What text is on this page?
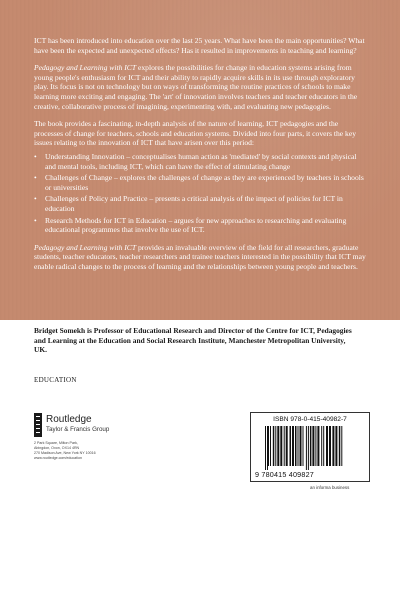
ICT has been introduced into education over the last 25 years. What have been the main opportunities? What have been the expected and unexpected effects? Has it resulted in improvements in teaching and learning?

Pedagogy and Learning with ICT explores the possibilities for change in education systems arising from young people's enthusiasm for ICT and their ability to rapidly acquire skills in its use through exploratory play. Its focus is not on technology but on ways of transforming the routine practices of schools to make learning more exciting and engaging. The 'art' of innovation involves teachers and teacher educators in the creative, collaborative process of imagining, experimenting with, and evaluating new pedagogies.

The book provides a fascinating, in-depth analysis of the nature of learning, ICT pedagogies and the processes of change for teachers, schools and education systems. Divided into four parts, it covers the key issues relating to the innovation of ICT that have arisen over this period:

• Understanding Innovation – conceptualises human action as 'mediated' by social contexts and physical and mental tools, including ICT, which can have the effect of stimulating change
• Challenges of Change – explores the challenges of change as they are experienced by teachers in schools or universities
• Challenges of Policy and Practice – presents a critical analysis of the impact of policies for ICT in education
• Research Methods for ICT in Education – argues for new approaches to researching and evaluating educational programmes that involve the use of ICT.

Pedagogy and Learning with ICT provides an invaluable overview of the field for all researchers, graduate students, teacher educators, teacher researchers and trainee teachers interested in the possibility that ICT may enable radical changes to the process of learning and the relationships between young people and teachers.

Bridget Somekh is Professor of Educational Research and Director of the Centre for ICT, Pedagogies and Learning at the Education and Social Research Institute, Manchester Metropolitan University, UK.

EDUCATION
Routledge
Taylor & Francis Group
2 Park Square, Milton Park,
Abingdon, Oxon, OX14 4RN
270 Madison Ave, New York NY 10016
www.routledge.com/education
ISBN 978-0-415-40982-7
9 780415 409827
an informa business
